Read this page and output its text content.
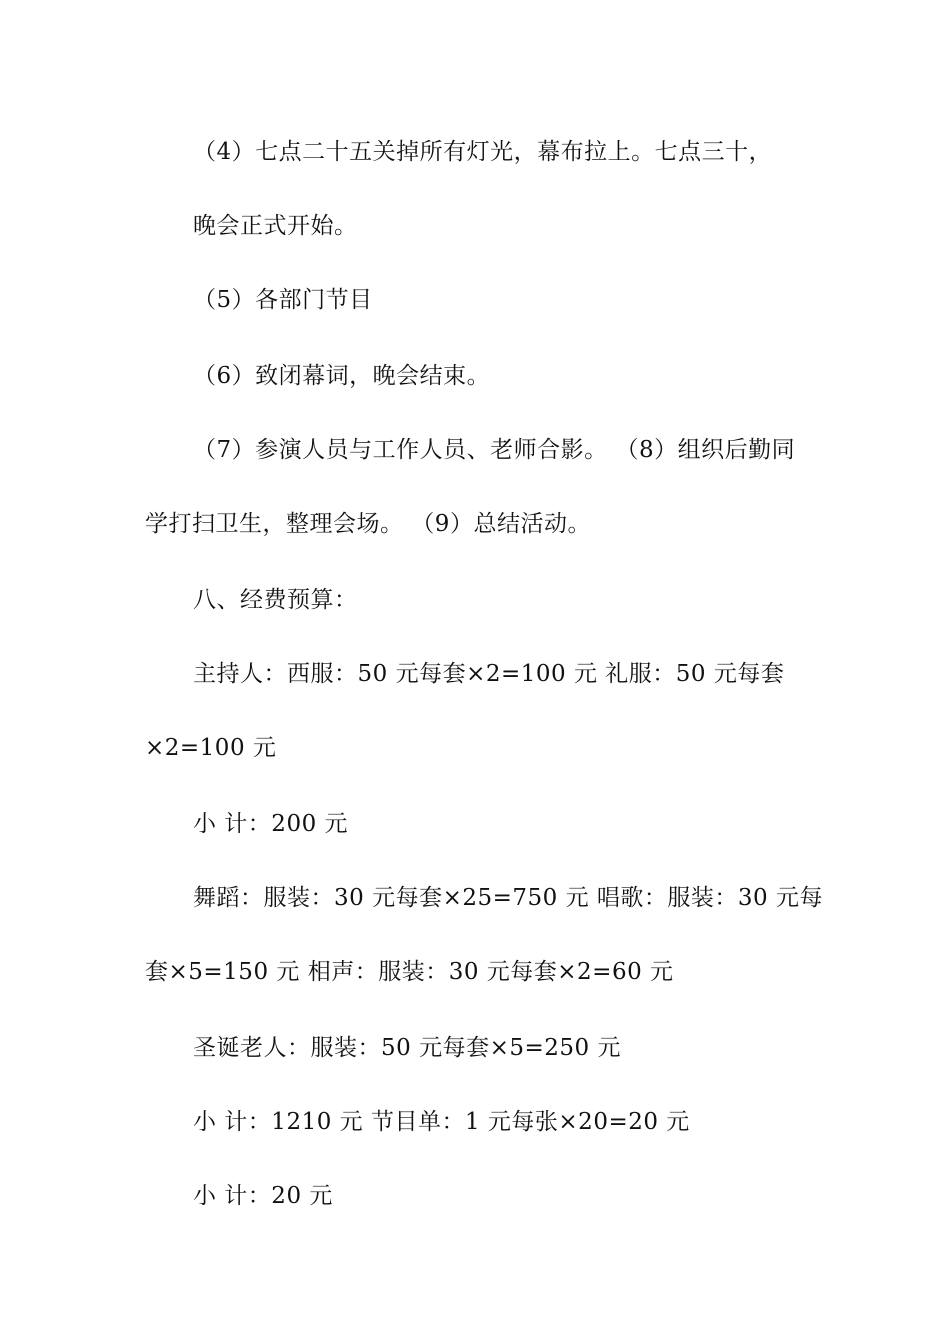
（4）七点二十五关掉所有灯光，幕布拉上。七点三十，
晚会正式开始。
（5）各部门节目
（6）致闭幕词，晚会结束。
（7）参演人员与工作人员、老师合影。 （8）组织后勤同
学打扫卫生，整理会场。 （9）总结活动。
八、经费预算：
主持人：西服：50 元每套×2=100 元 礼服：50 元每套
×2=100 元
小 计：200 元
舞蹈：服装：30 元每套×25=750 元 唱歌：服装：30 元每
套×5=150 元 相声：服装：30 元每套×2=60 元
圣诞老人：服装：50 元每套×5=250 元
小 计：1210 元 节目单：1 元每张×20=20 元
小 计：20 元
